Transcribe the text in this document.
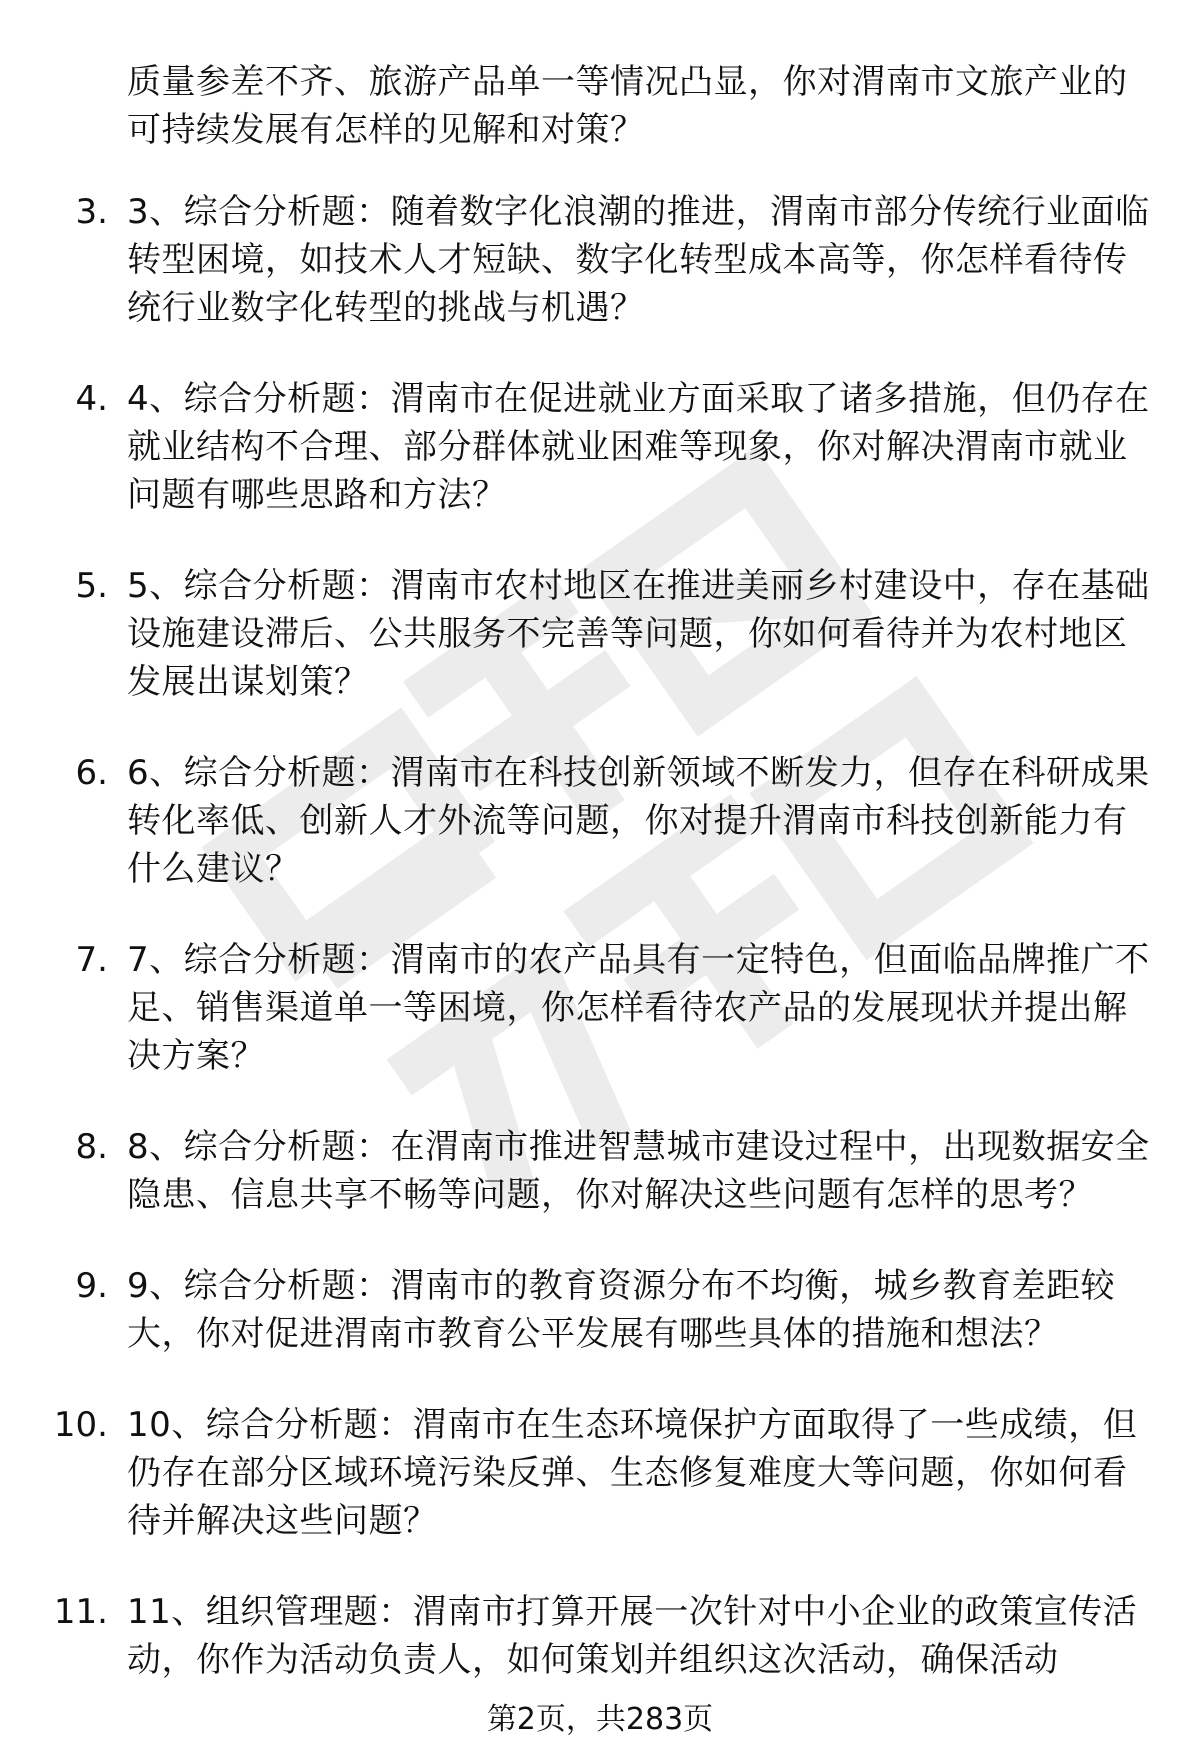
质量参差不齐、旅游产品单一等情况凸显，你对渭南市文旅产业的可持续发展有怎样的见解和对策？
3. 3、综合分析题：随着数字化浪潮的推进，渭南市部分传统行业面临转型困境，如技术人才短缺、数字化转型成本高等，你怎样看待传统行业数字化转型的挑战与机遇？
4. 4、综合分析题：渭南市在促进就业方面采取了诸多措施，但仍存在就业结构不合理、部分群体就业困难等现象，你对解决渭南市就业问题有哪些思路和方法？
5. 5、综合分析题：渭南市农村地区在推进美丽乡村建设中，存在基础设施建设滞后、公共服务不完善等问题，你如何看待并为农村地区发展出谋划策？
6. 6、综合分析题：渭南市在科技创新领域不断发力，但存在科研成果转化率低、创新人才外流等问题，你对提升渭南市科技创新能力有什么建议？
7. 7、综合分析题：渭南市的农产品具有一定特色，但面临品牌推广不足、销售渠道单一等困境，你怎样看待农产品的发展现状并提出解决方案？
8. 8、综合分析题：在渭南市推进智慧城市建设过程中，出现数据安全隐患、信息共享不畅等问题，你对解决这些问题有怎样的思考？
9. 9、综合分析题：渭南市的教育资源分布不均衡，城乡教育差距较大，你对促进渭南市教育公平发展有哪些具体的措施和想法？
10. 10、综合分析题：渭南市在生态环境保护方面取得了一些成绩，但仍存在部分区域环境污染反弹、生态修复难度大等问题，你如何看待并解决这些问题？
11. 11、组织管理题：渭南市打算开展一次针对中小企业的政策宣传活动，你作为活动负责人，如何策划并组织这次活动，确保活动
第2页，共283页
